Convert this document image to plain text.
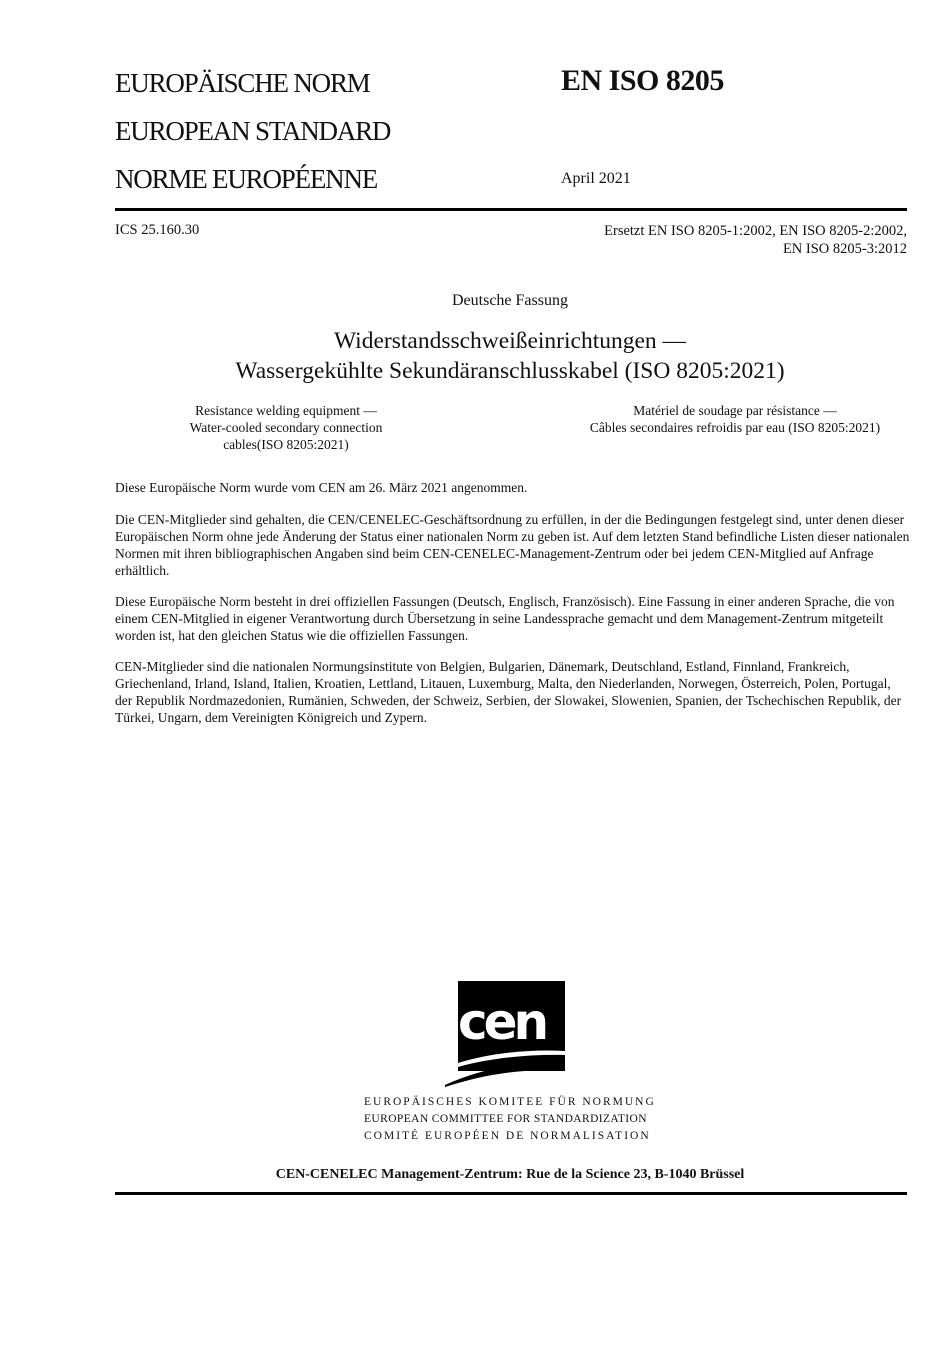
EUROPÄISCHE NORM
EUROPEAN STANDARD
NORME EUROPÉENNE
EN ISO 8205
April 2021
ICS 25.160.30	Ersetzt EN ISO 8205-1:2002, EN ISO 8205-2:2002,
EN ISO 8205-3:2012
Deutsche Fassung
Widerstandsschweißeinrichtungen —
Wassergekühlte Sekundäranschlusskabel (ISO 8205:2021)
Resistance welding equipment —
Water-cooled secondary connection
cables(ISO 8205:2021)
Matériel de soudage par résistance —
Câbles secondaires refroidis par eau (ISO 8205:2021)
Diese Europäische Norm wurde vom CEN am 26. März 2021 angenommen.
Die CEN-Mitglieder sind gehalten, die CEN/CENELEC-Geschäftsordnung zu erfüllen, in der die Bedingungen festgelegt sind, unter denen dieser Europäischen Norm ohne jede Änderung der Status einer nationalen Norm zu geben ist. Auf dem letzten Stand befindliche Listen dieser nationalen Normen mit ihren bibliographischen Angaben sind beim CEN-CENELEC-Management-Zentrum oder bei jedem CEN-Mitglied auf Anfrage erhältlich.
Diese Europäische Norm besteht in drei offiziellen Fassungen (Deutsch, Englisch, Französisch). Eine Fassung in einer anderen Sprache, die von einem CEN-Mitglied in eigener Verantwortung durch Übersetzung in seine Landessprache gemacht und dem Management-Zentrum mitgeteilt worden ist, hat den gleichen Status wie die offiziellen Fassungen.
CEN-Mitglieder sind die nationalen Normungsinstitute von Belgien, Bulgarien, Dänemark, Deutschland, Estland, Finnland, Frankreich, Griechenland, Irland, Island, Italien, Kroatien, Lettland, Litauen, Luxemburg, Malta, den Niederlanden, Norwegen, Österreich, Polen, Portugal, der Republik Nordmazedonien, Rumänien, Schweden, der Schweiz, Serbien, der Slowakei, Slowenien, Spanien, der Tschechischen Republik, der Türkei, Ungarn, dem Vereinigten Königreich und Zypern.
cen
EUROPÄISCHES KOMITEE FÜR NORMUNG
EUROPEAN COMMITTEE FOR STANDARDIZATION
COMITÉ EUROPÉEN DE NORMALISATION
CEN-CENELEC Management-Zentrum: Rue de la Science 23, B-1040 Brüssel
